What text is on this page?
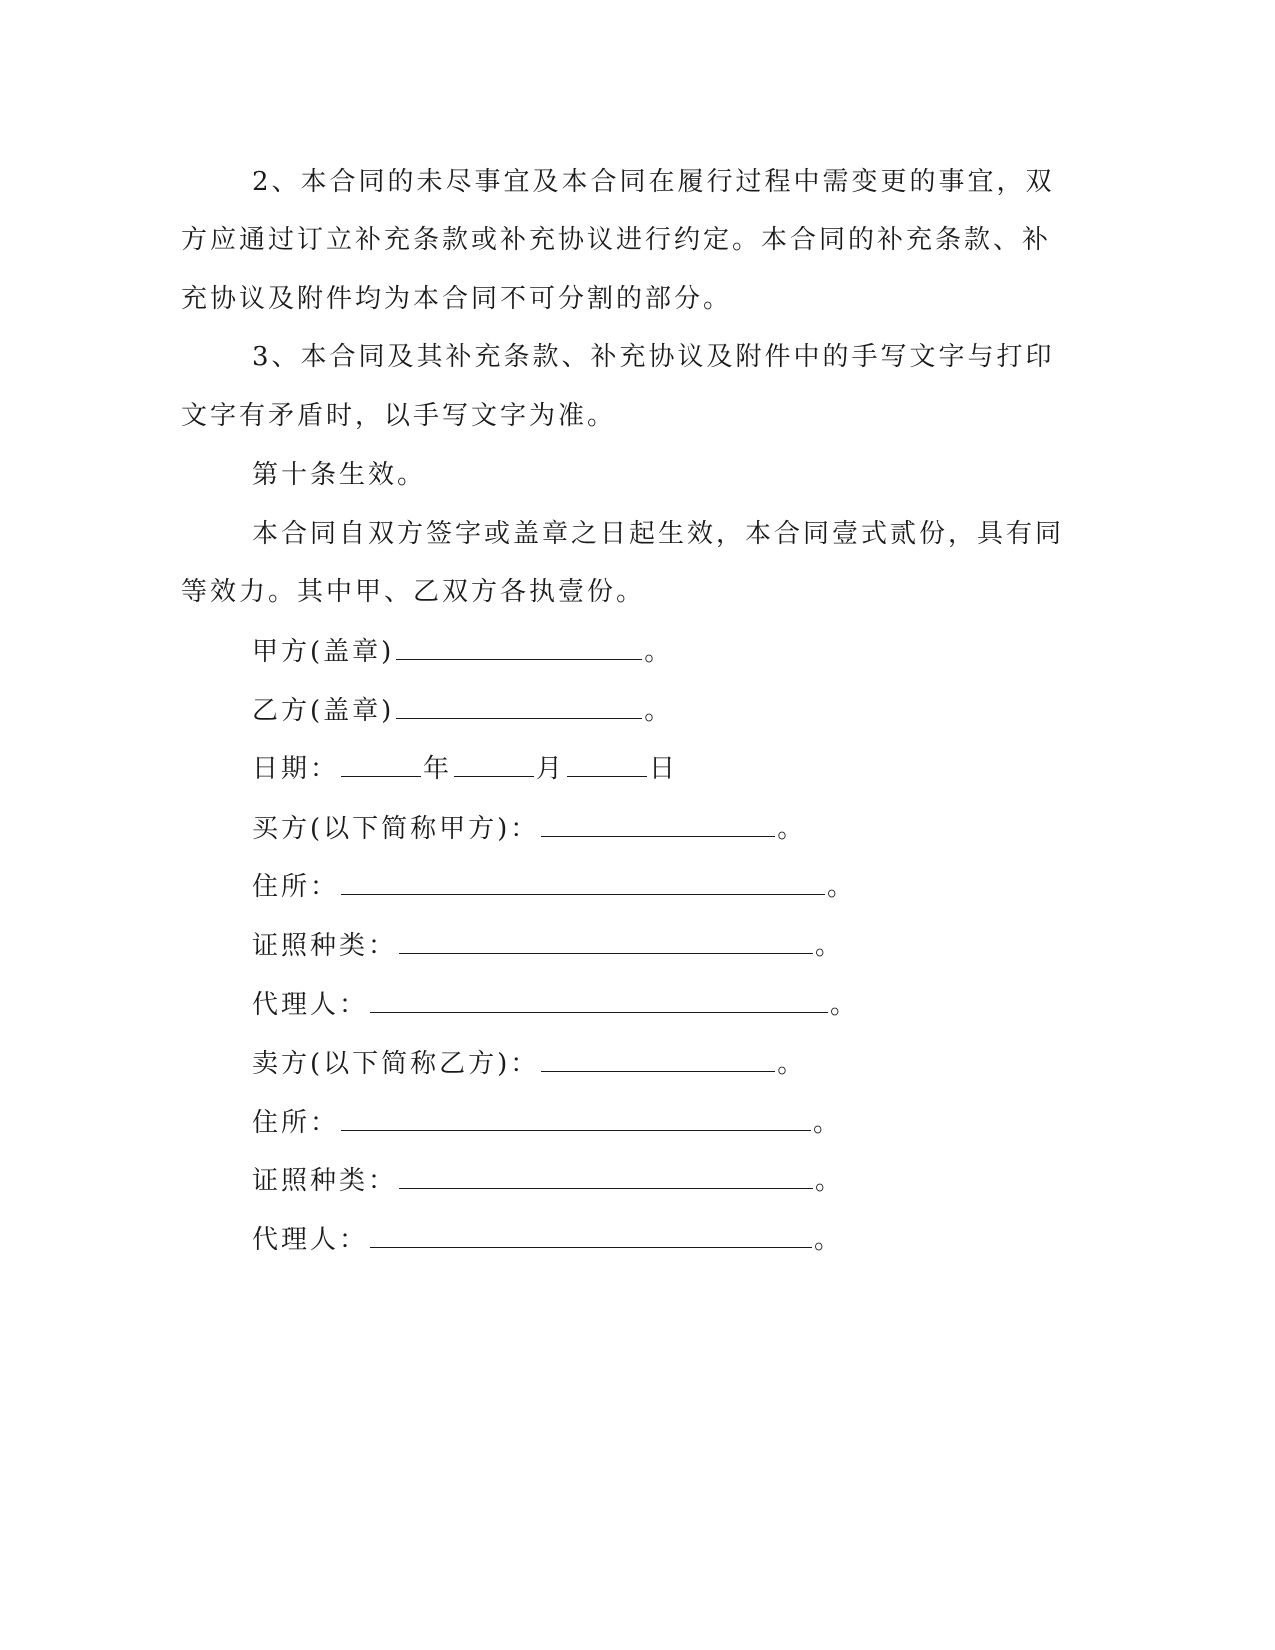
2、本合同的未尽事宜及本合同在履行过程中需变更的事宜，双
方应通过订立补充条款或补充协议进行约定。本合同的补充条款、补
充协议及附件均为本合同不可分割的部分。
3、本合同及其补充条款、补充协议及附件中的手写文字与打印
文字有矛盾时，以手写文字为准。
第十条生效。
本合同自双方签字或盖章之日起生效，本合同壹式贰份，具有同
等效力。其中甲、乙双方各执壹份。
甲方(盖章)	。
乙方(盖章)	。
日期：	年	月	日
买方(以下简称甲方)：	。
住所：	。
证照种类：	。
代理人：	。
卖方(以下简称乙方)：	。
住所：	。
证照种类：	。
代理人：	。
